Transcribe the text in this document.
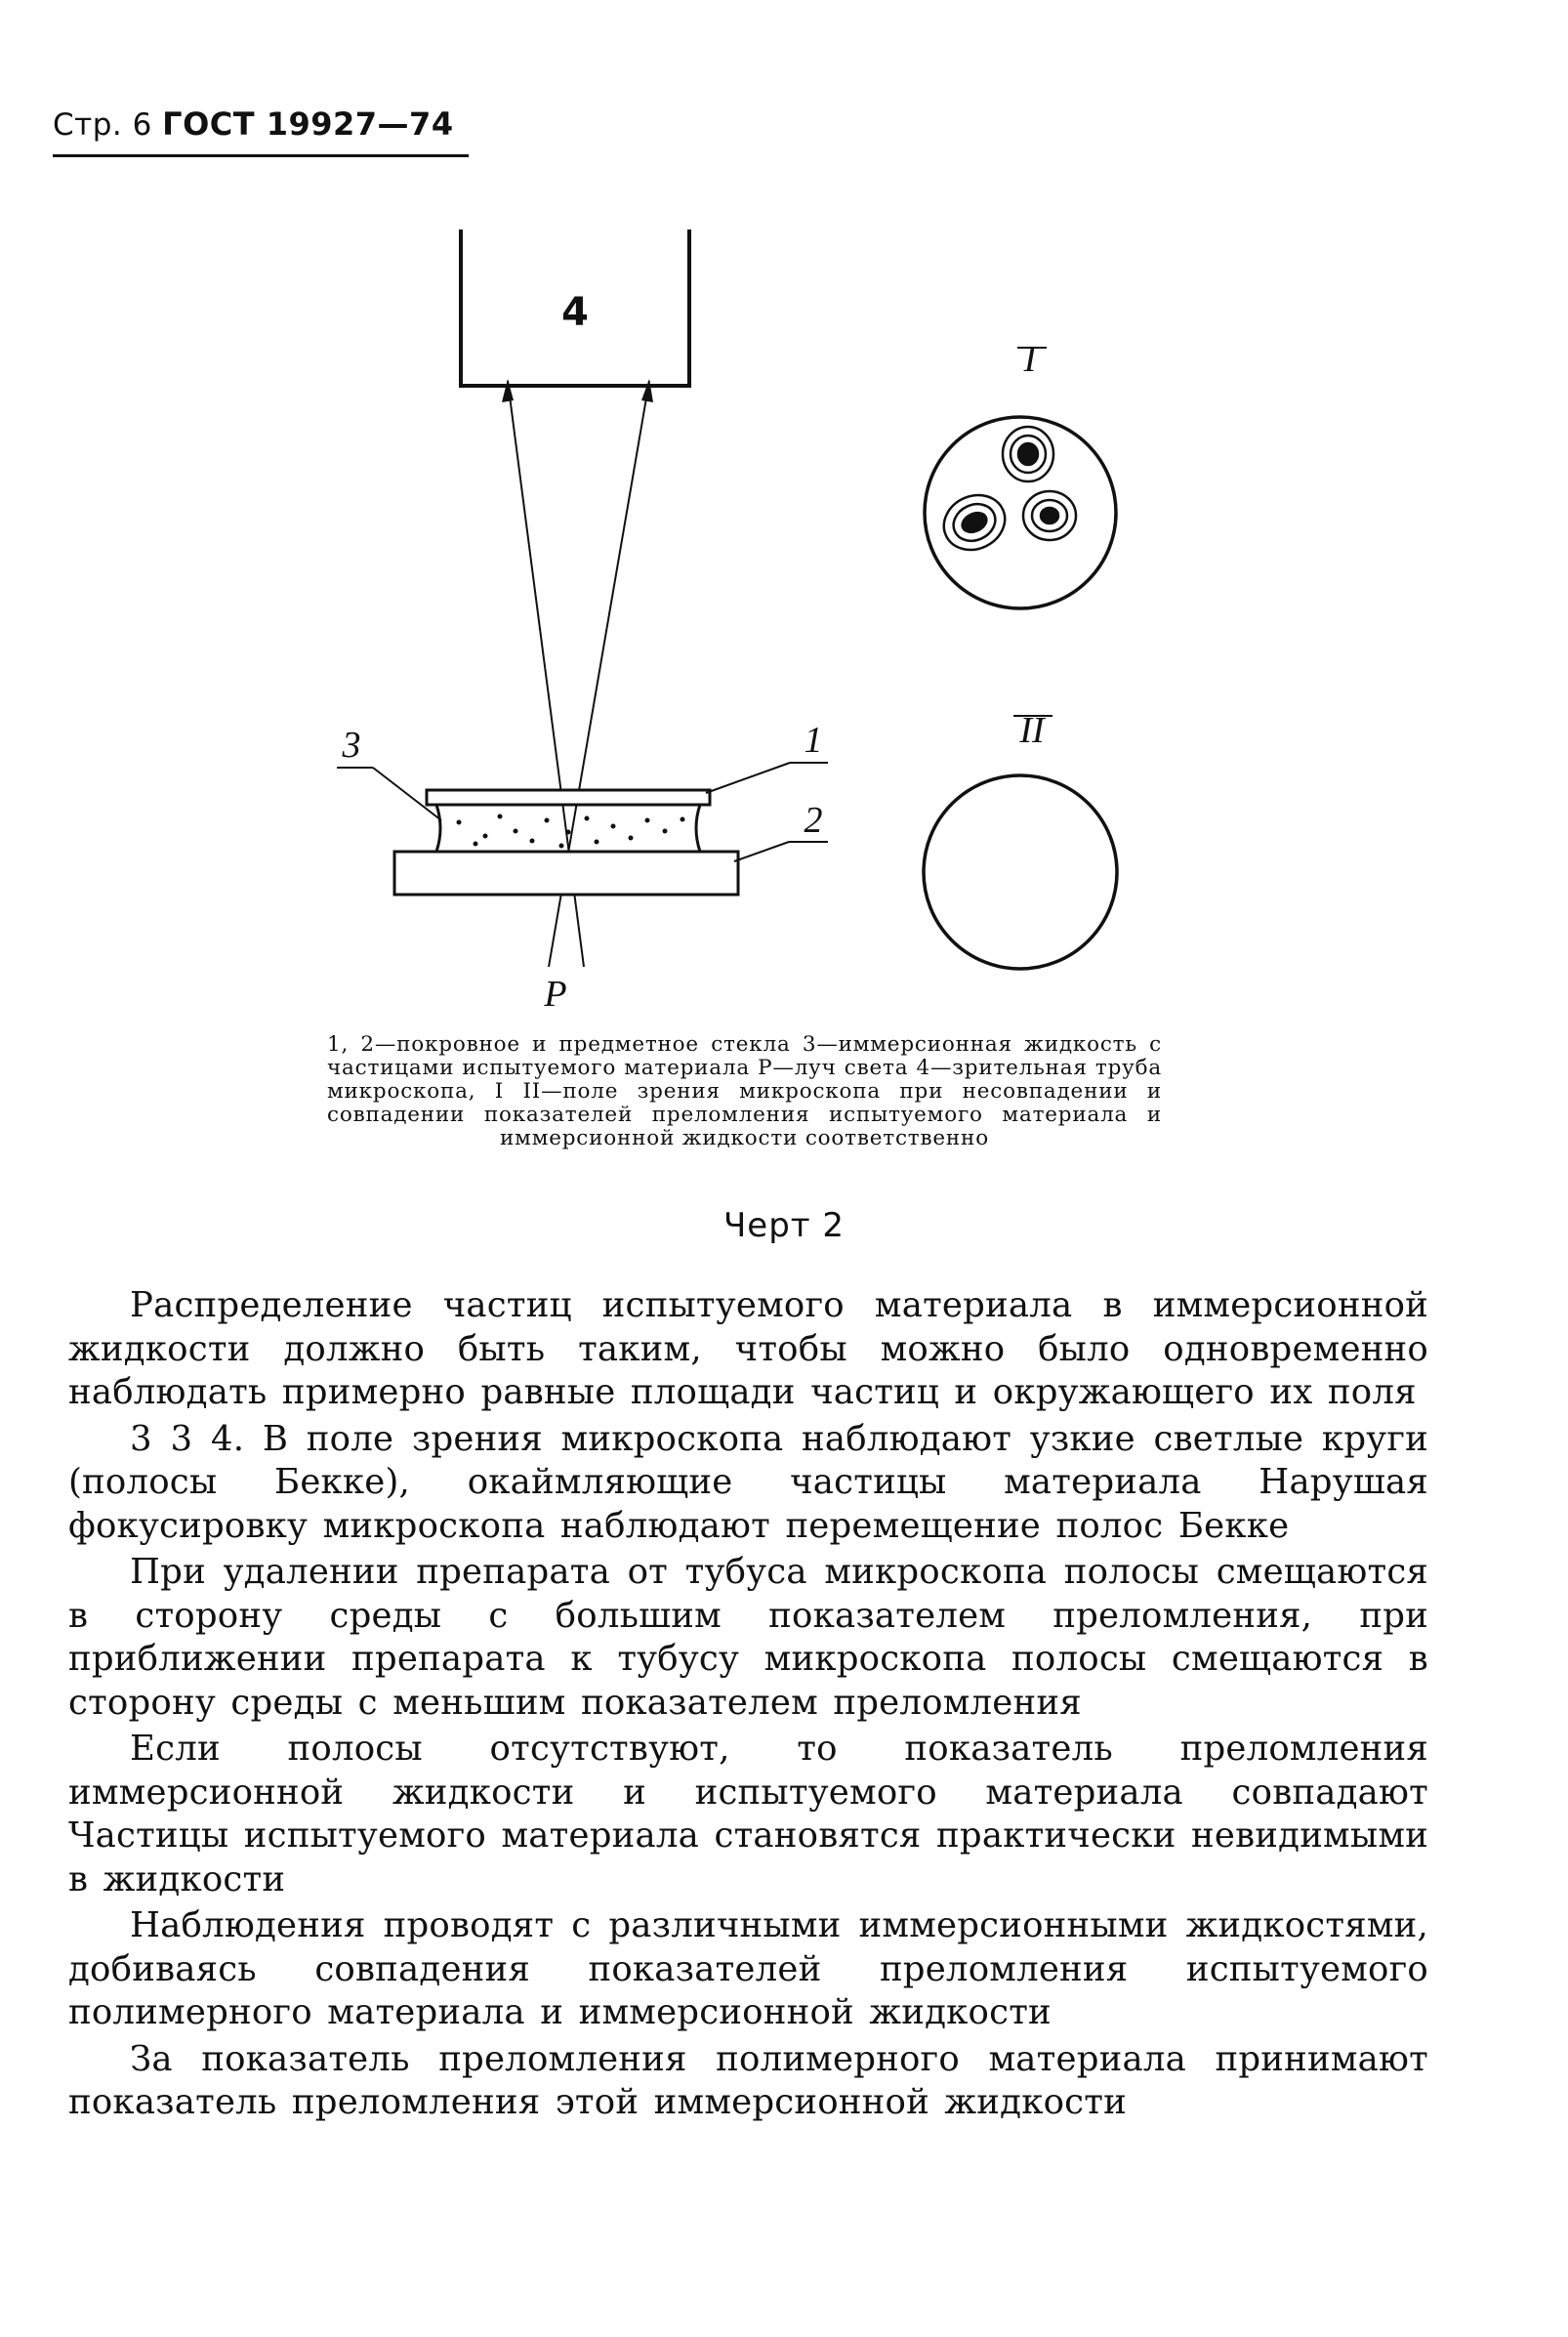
Стр. 6 ГОСТ 19927—74
4
P
3	1
2
I
II
1, 2—покровное и предметное стекла 3—иммерсионная жидкость с частицами испытуемого материала P—луч света 4—зрительная труба микроскопа, I II—поле зрения микроскопа при несовпадении и совпадении показателей преломления испытуемого материала и иммерсионной жидкости соответственно
Черт 2

Распределение частиц испытуемого материала в иммерсионной жидкости должно быть таким, чтобы можно было одновременно наблюдать примерно равные площади частиц и окружающего их поля

3 3 4. В поле зрения микроскопа наблюдают узкие светлые круги (полосы Бекке), окаймляющие частицы материала Нарушая фокусировку микроскопа наблюдают перемещение полос Бекке

При удалении препарата от тубуса микроскопа полосы смещаются в сторону среды с большим показателем преломления, при приближении препарата к тубусу микроскопа полосы смещаются в сторону среды с меньшим показателем преломления

Если полосы отсутствуют, то показатель преломления иммерсионной жидкости и испытуемого материала совпадают Частицы испытуемого материала становятся практически невидимыми в жидкости

Наблюдения проводят с различными иммерсионными жидкостями, добиваясь совпадения показателей преломления испытуемого полимерного материала и иммерсионной жидкости

За показатель преломления полимерного материала принимают показатель преломления этой иммерсионной жидкости
